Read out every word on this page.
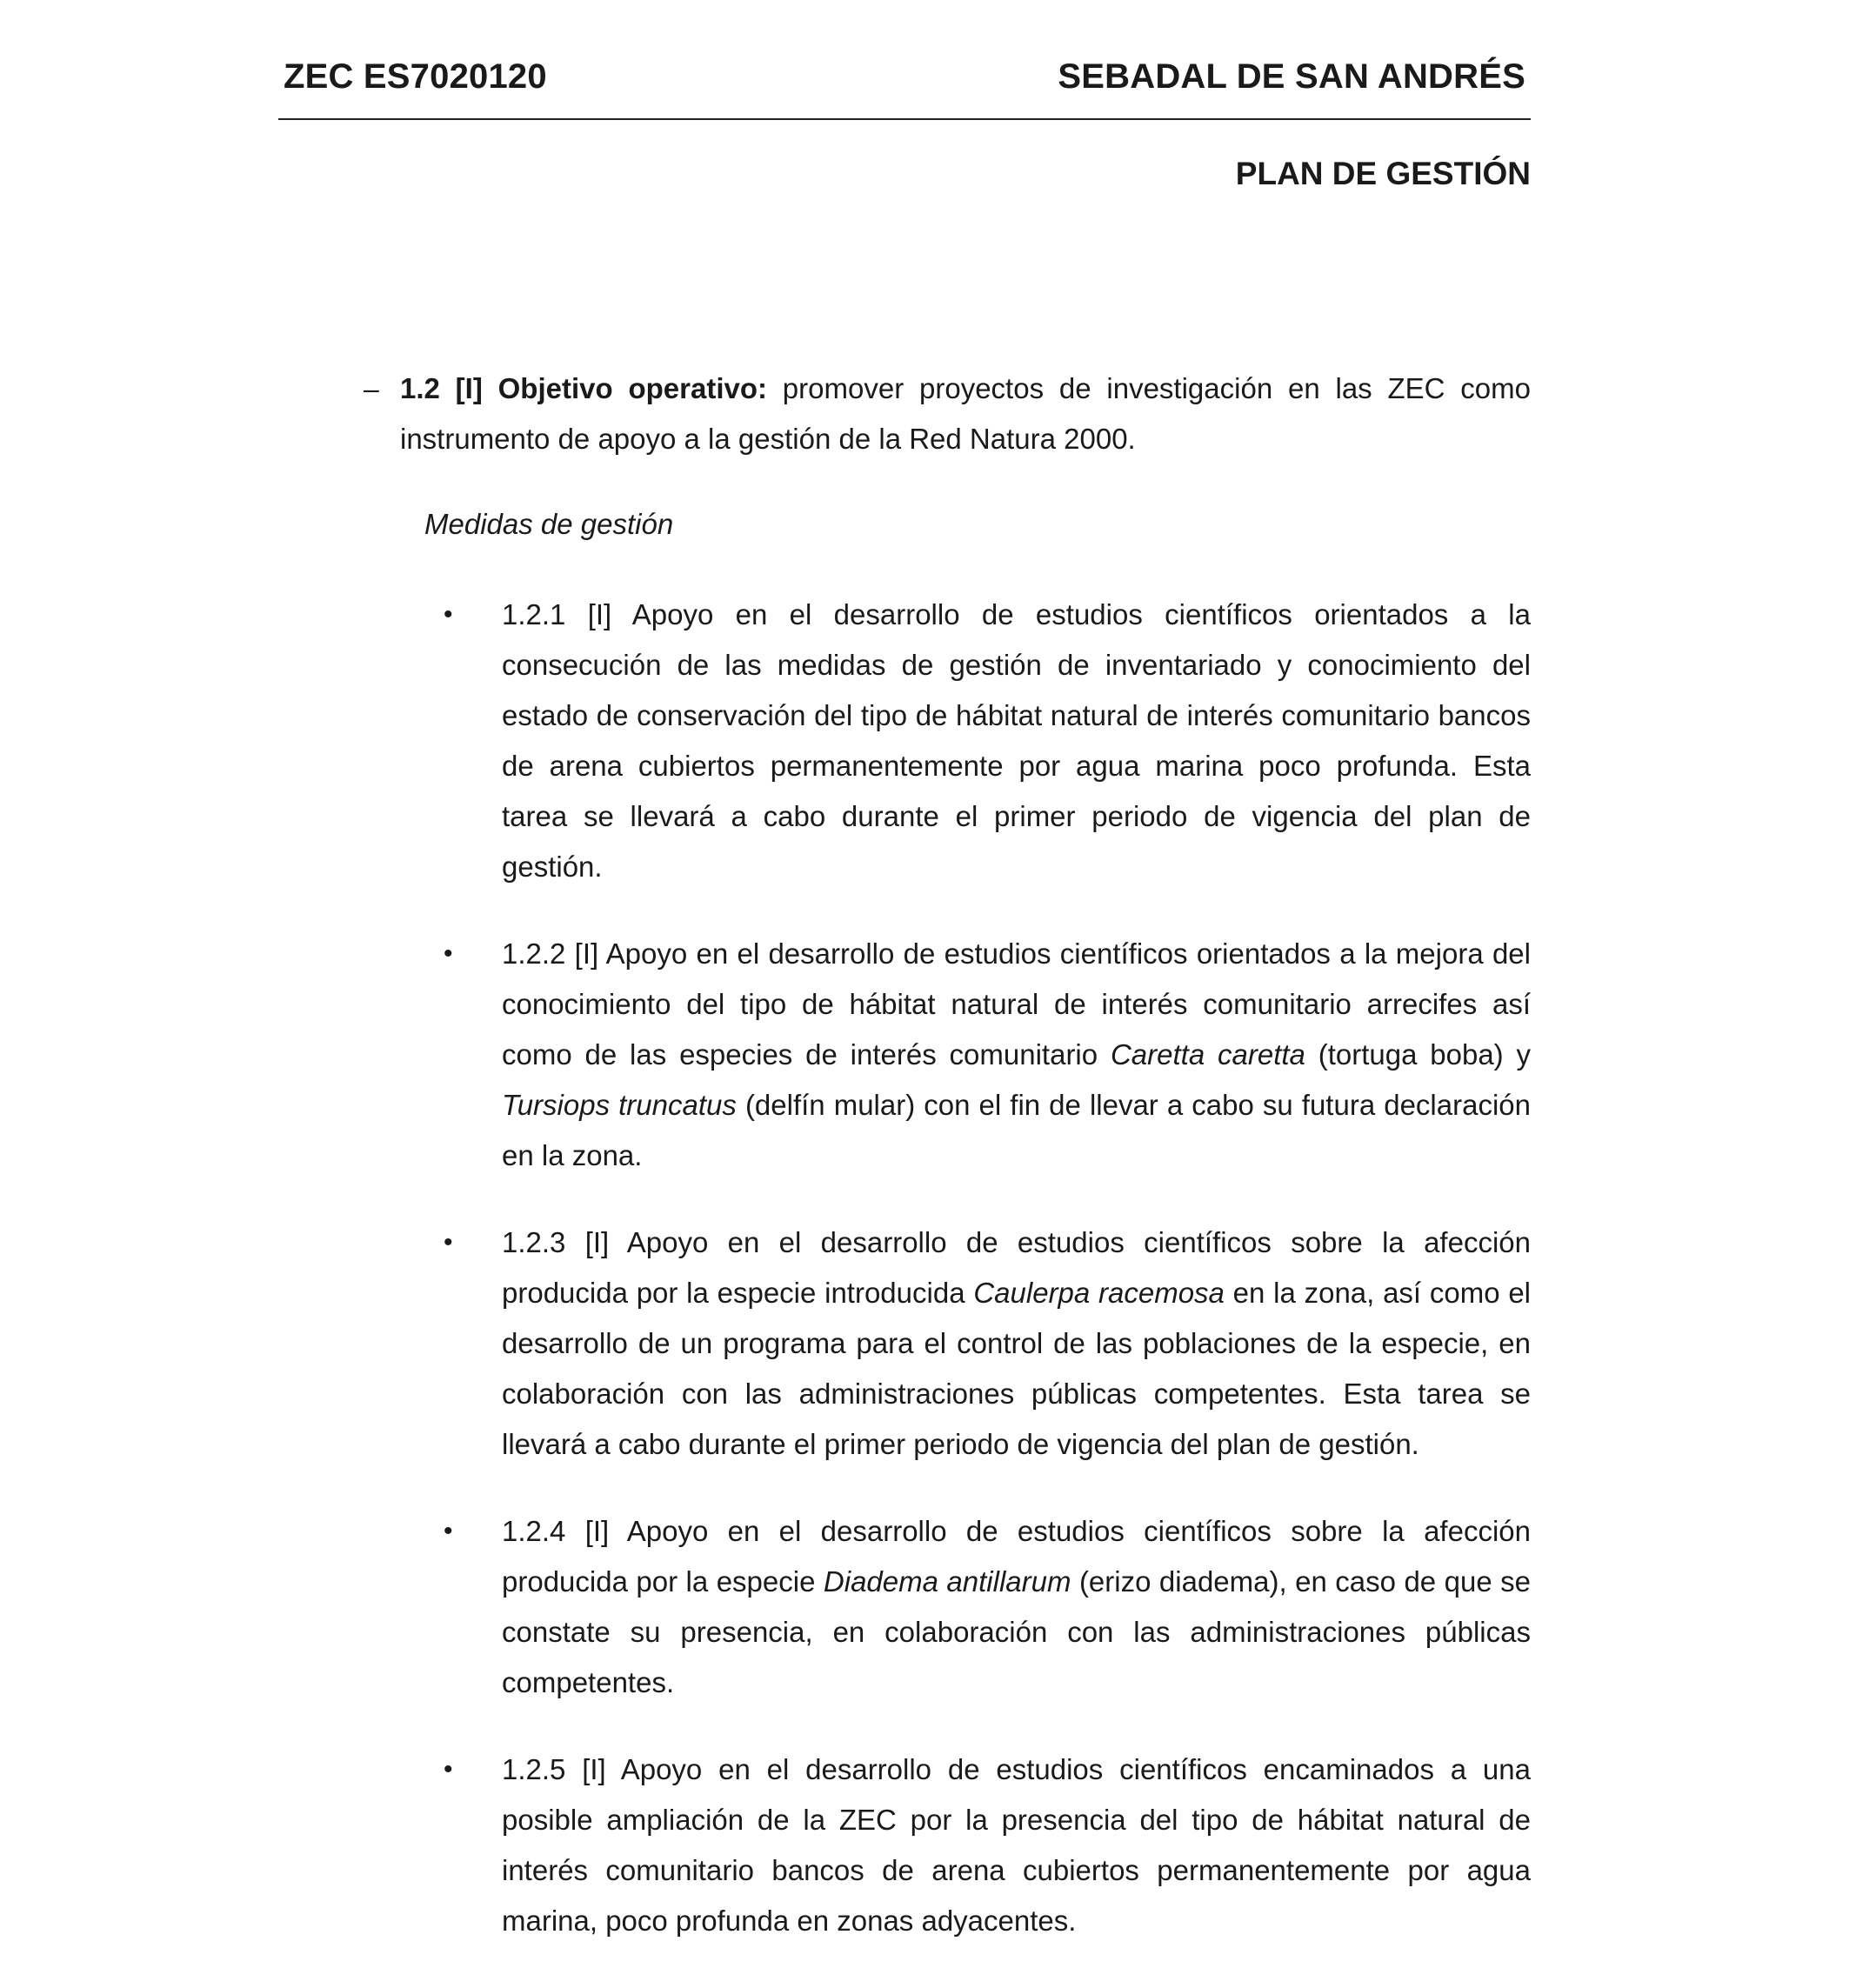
ZEC ES7020120	SEBADAL DE SAN ANDRÉS
PLAN DE GESTIÓN
– 1.2 [I] Objetivo operativo: promover proyectos de investigación en las ZEC como instrumento de apoyo a la gestión de la Red Natura 2000.
Medidas de gestión
• 1.2.1 [I] Apoyo en el desarrollo de estudios científicos orientados a la consecución de las medidas de gestión de inventariado y conocimiento del estado de conservación del tipo de hábitat natural de interés comunitario bancos de arena cubiertos permanentemente por agua marina poco profunda. Esta tarea se llevará a cabo durante el primer periodo de vigencia del plan de gestión.
• 1.2.2 [I] Apoyo en el desarrollo de estudios científicos orientados a la mejora del conocimiento del tipo de hábitat natural de interés comunitario arrecifes así como de las especies de interés comunitario Caretta caretta (tortuga boba) y Tursiops truncatus (delfín mular) con el fin de llevar a cabo su futura declaración en la zona.
• 1.2.3 [I] Apoyo en el desarrollo de estudios científicos sobre la afección producida por la especie introducida Caulerpa racemosa en la zona, así como el desarrollo de un programa para el control de las poblaciones de la especie, en colaboración con las administraciones públicas competentes. Esta tarea se llevará a cabo durante el primer periodo de vigencia del plan de gestión.
• 1.2.4 [I] Apoyo en el desarrollo de estudios científicos sobre la afección producida por la especie Diadema antillarum (erizo diadema), en caso de que se constate su presencia, en colaboración con las administraciones públicas competentes.
• 1.2.5 [I] Apoyo en el desarrollo de estudios científicos encaminados a una posible ampliación de la ZEC por la presencia del tipo de hábitat natural de interés comunitario bancos de arena cubiertos permanentemente por agua marina, poco profunda en zonas adyacentes.
